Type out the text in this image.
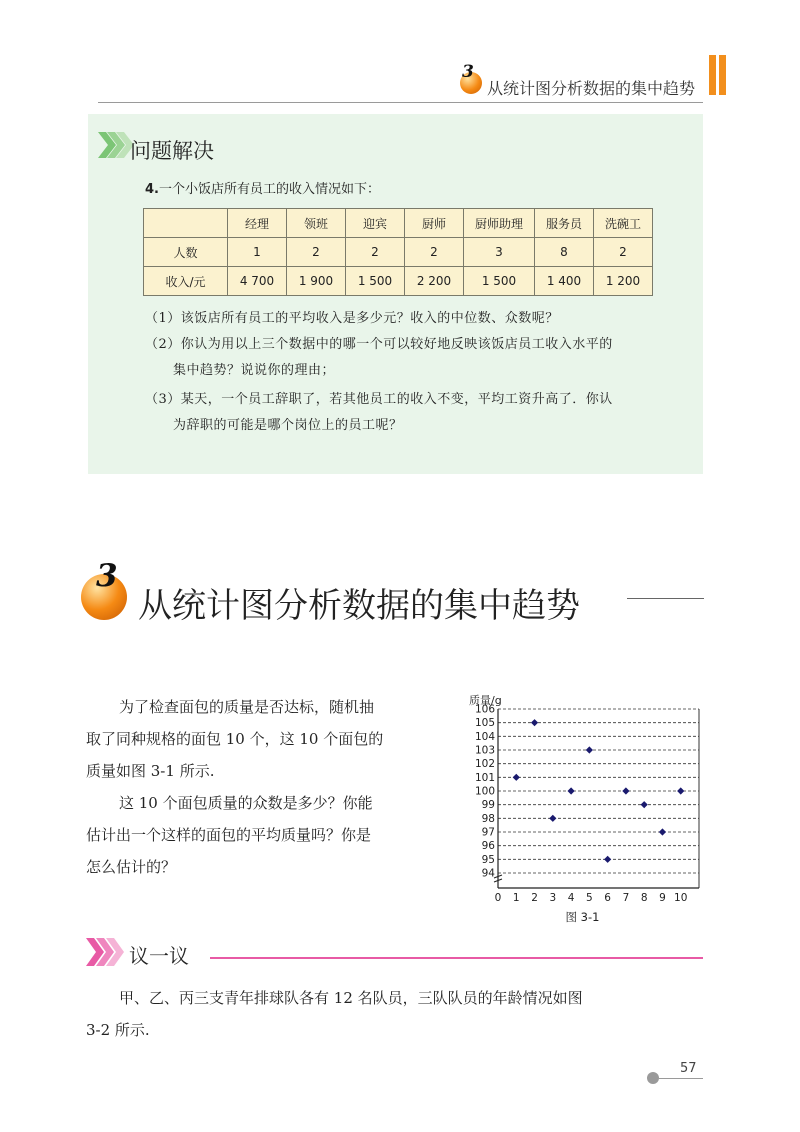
3
从统计图分析数据的集中趋势
问题解决
4.一个小饭店所有员工的收入情况如下：
	经理	领班	迎宾	厨师	厨师助理	服务员	洗碗工
人数	1	2	2	2	3	8	2
收入/元	4 700	1 900	1 500	2 200	1 500	1 400	1 200
（1）该饭店所有员工的平均收入是多少元？收入的中位数、众数呢？
（2）你认为用以上三个数据中的哪一个可以较好地反映该饭店员工收入水平的
集中趋势？说说你的理由；
（3）某天，一个员工辞职了，若其他员工的收入不变，平均工资升高了．你认
为辞职的可能是哪个岗位上的员工呢？
3
从统计图分析数据的集中趋势
为了检查面包的质量是否达标，随机抽
取了同种规格的面包 10 个，这 10 个面包的
质量如图 3-1 所示.
这 10 个面包质量的众数是多少？你能
估计出一个这样的面包的平均质量吗？你是
怎么估计的？	94
95
96
97
98
99
100
101
102
103
104
105
106
0 1 2 3 4 5 6 7 8 9 10
质量/g
图 3-1
议一议
甲、乙、丙三支青年排球队各有 12 名队员，三队队员的年龄情况如图
3-2 所示.
57
